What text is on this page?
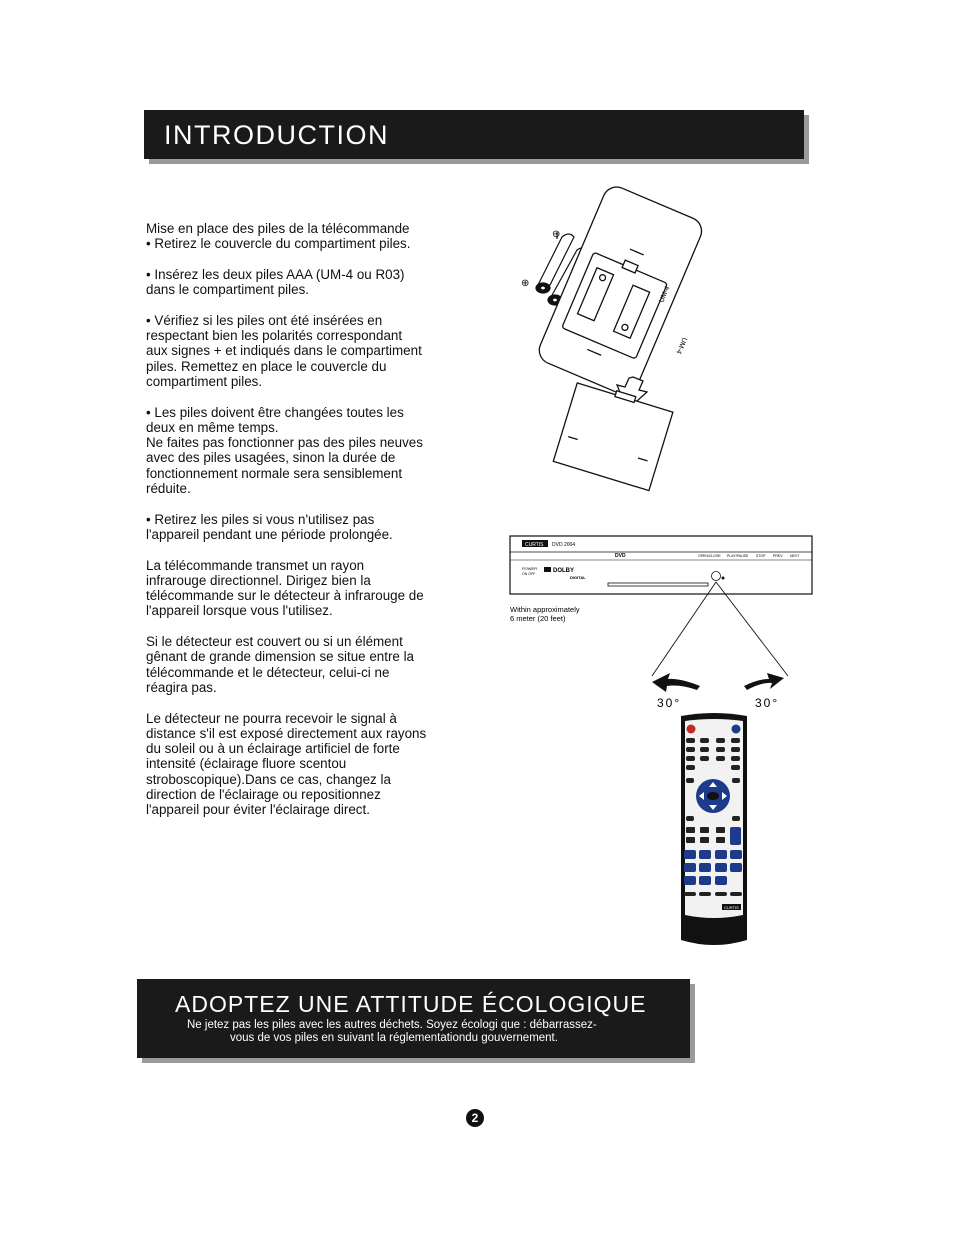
INTRODUCTION

Mise en place des piles de la télécommande
• Retirez le couvercle du compartiment piles.

• Insérez les deux piles AAA (UM-4 ou R03)
dans le compartiment piles.

• Vérifiez si les piles ont été insérées en
respectant bien les polarités correspondant
aux signes + et indiqués dans le compartiment
piles. Remettez en place le couvercle du
compartiment piles.

• Les piles doivent être changées toutes les
deux en même temps.
Ne faites pas fonctionner pas des piles neuves
avec des piles usagées, sinon la durée de
fonctionnement normale sera sensiblement
réduite.

• Retirez les piles si vous n'utilisez pas
l'appareil pendant une période prolongée.

La télécommande transmet un rayon
infrarouge directionnel. Dirigez bien la
télécommande sur le détecteur à infrarouge de
l'appareil lorsque vous l'utilisez.

Si le détecteur est couvert ou si un élément
gênant de grande dimension se situe entre la
télécommande et le détecteur, celui-ci ne
réagira pas.

Le détecteur ne pourra recevoir le signal à
distance s'il est exposé directement aux rayons
du soleil ou à un éclairage artificiel de forte
intensité (éclairage fluore scentou
stroboscopique).Dans ce cas, changez la
direction de l'éclairage ou repositionnez
l'appareil pour éviter l'éclairage direct.

⊕
⊖
UM-4
UM-4
CURTIS DVD 2004
DVD	OPEN/CLOSE PLAY/PAUSE STOP PREV NEXT
POWER
ON OFF	DOLBY
DIGITAL
Within approximately
6 meter (20 feet)
30°	30°
CURTIS
ADOPTEZ UNE ATTITUDE ÉCOLOGIQUE
Ne jetez pas les piles avec les autres déchets. Soyez écologi que : débarrassez-
vous de vos piles en suivant la réglementationdu gouvernement.
2
